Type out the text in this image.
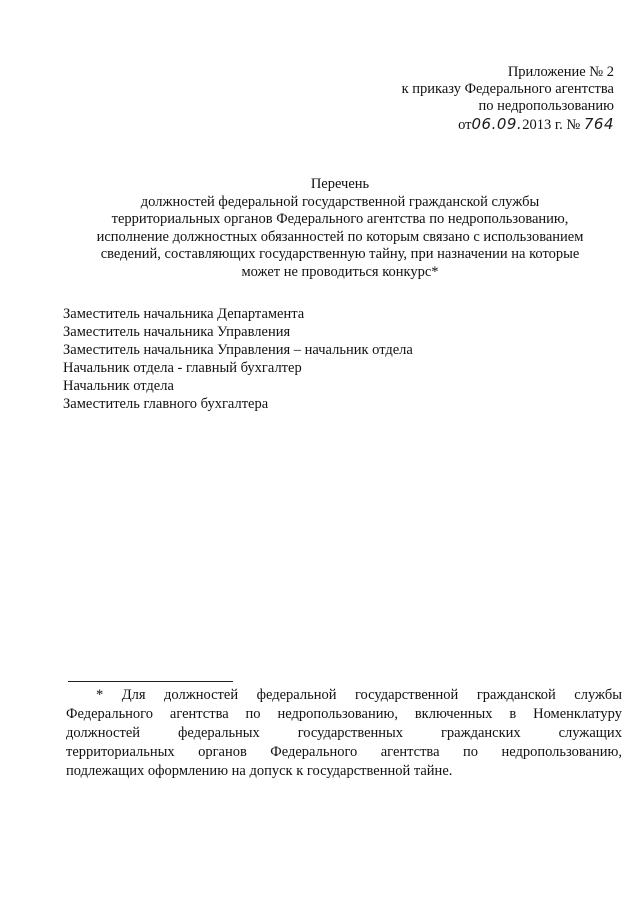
Приложение № 2
к приказу Федерального агентства
по недропользованию
от06.09.2013 г. № 764
Перечень
должностей федеральной государственной гражданской службы
территориальных органов Федерального агентства по недропользованию,
исполнение должностных обязанностей по которым связано с использованием
сведений, составляющих государственную тайну, при назначении на которые
может не проводиться конкурс*
Заместитель начальника Департамента
Заместитель начальника Управления
Заместитель начальника Управления – начальник отдела
Начальник отдела - главный бухгалтер
Начальник отдела
Заместитель главного бухгалтера
* Для должностей федеральной государственной гражданской службы
Федерального агентства по недропользованию, включенных в Номенклатуру
должностей	федеральных	государственных	гражданских	служащих
территориальных органов Федерального агентства по недропользованию,
подлежащих оформлению на допуск к государственной тайне.
